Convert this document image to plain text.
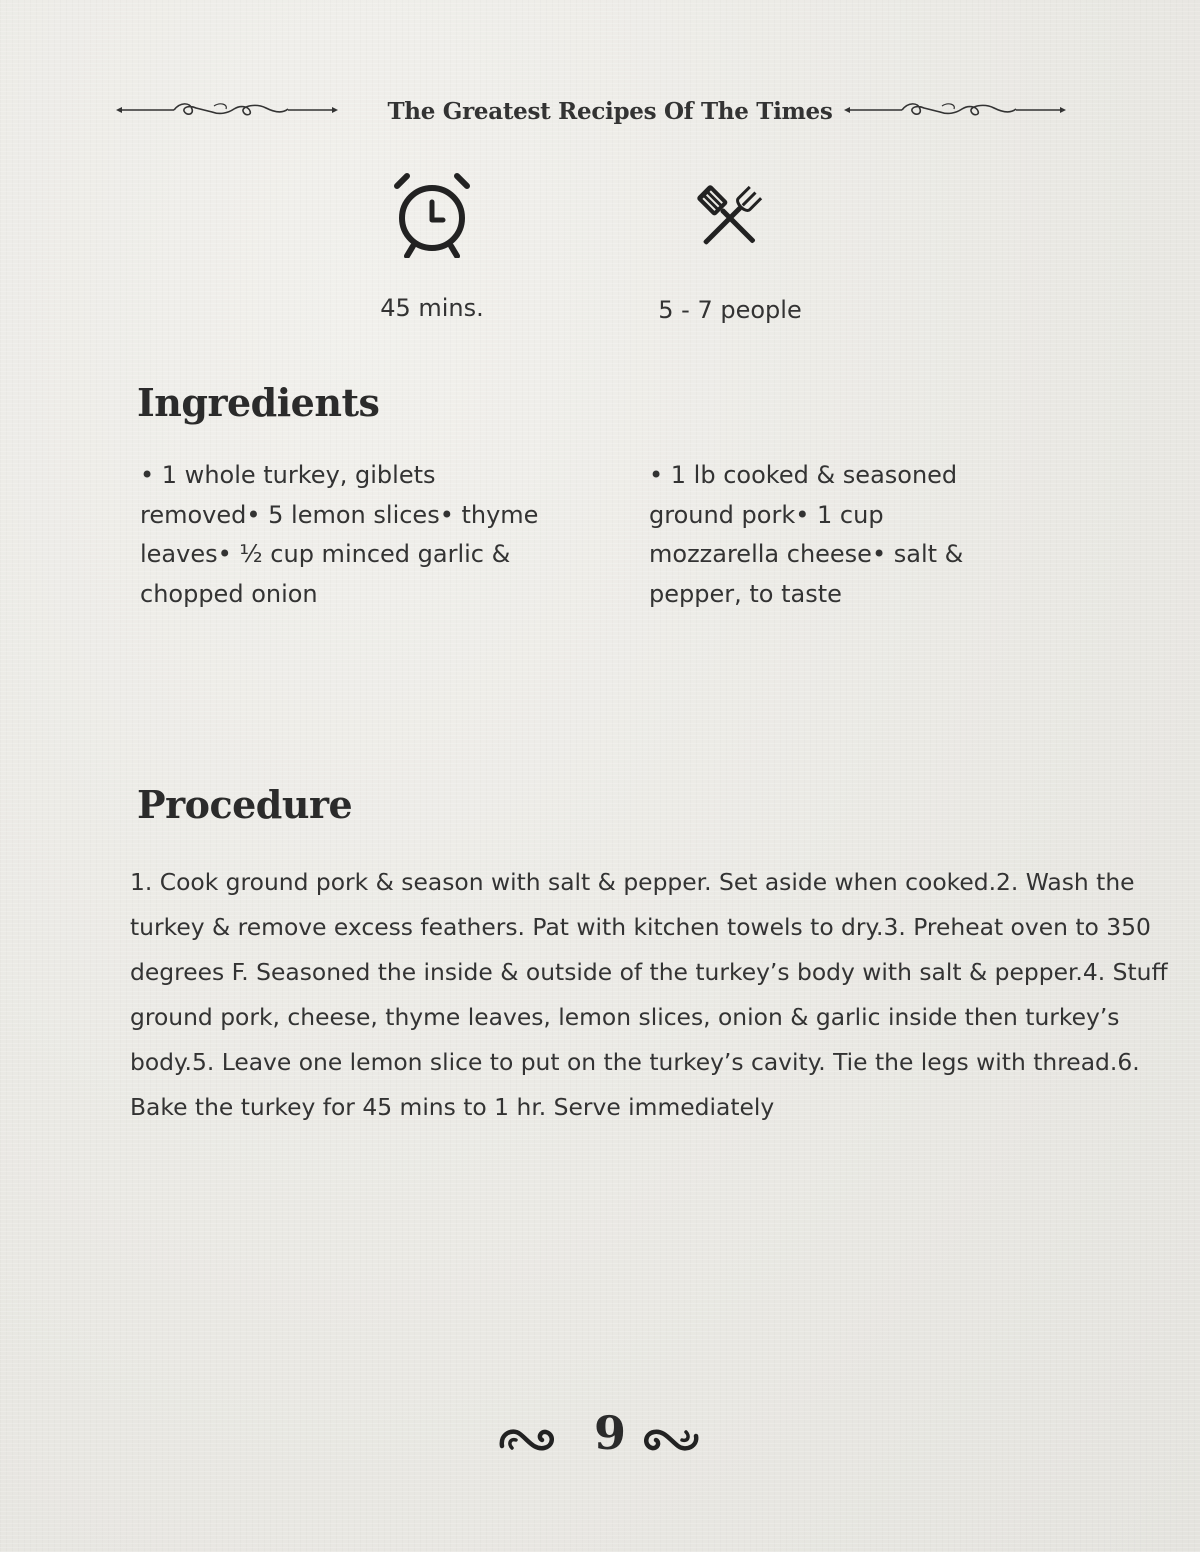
The Greatest Recipes Of The Times
45 mins.	5 - 7 people
Ingredients
• 1 whole turkey, giblets removed• 5 lemon slices• thyme leaves• ½ cup minced garlic & chopped onion
• 1 lb cooked & seasoned ground pork• 1 cup mozzarella cheese• salt & pepper, to taste
Procedure
1. Cook ground pork & season with salt & pepper. Set aside when cooked.2. Wash the turkey & remove excess feathers. Pat with kitchen towels to dry.3. Preheat oven to 350 degrees F. Seasoned the inside & outside of the turkey’s body with salt & pepper.4. Stuff ground pork, cheese, thyme leaves, lemon slices, onion & garlic inside then turkey’s body.5. Leave one lemon slice to put on the turkey’s cavity. Tie the legs with thread.6. Bake the turkey for 45 mins to 1 hr. Serve immediately
9
